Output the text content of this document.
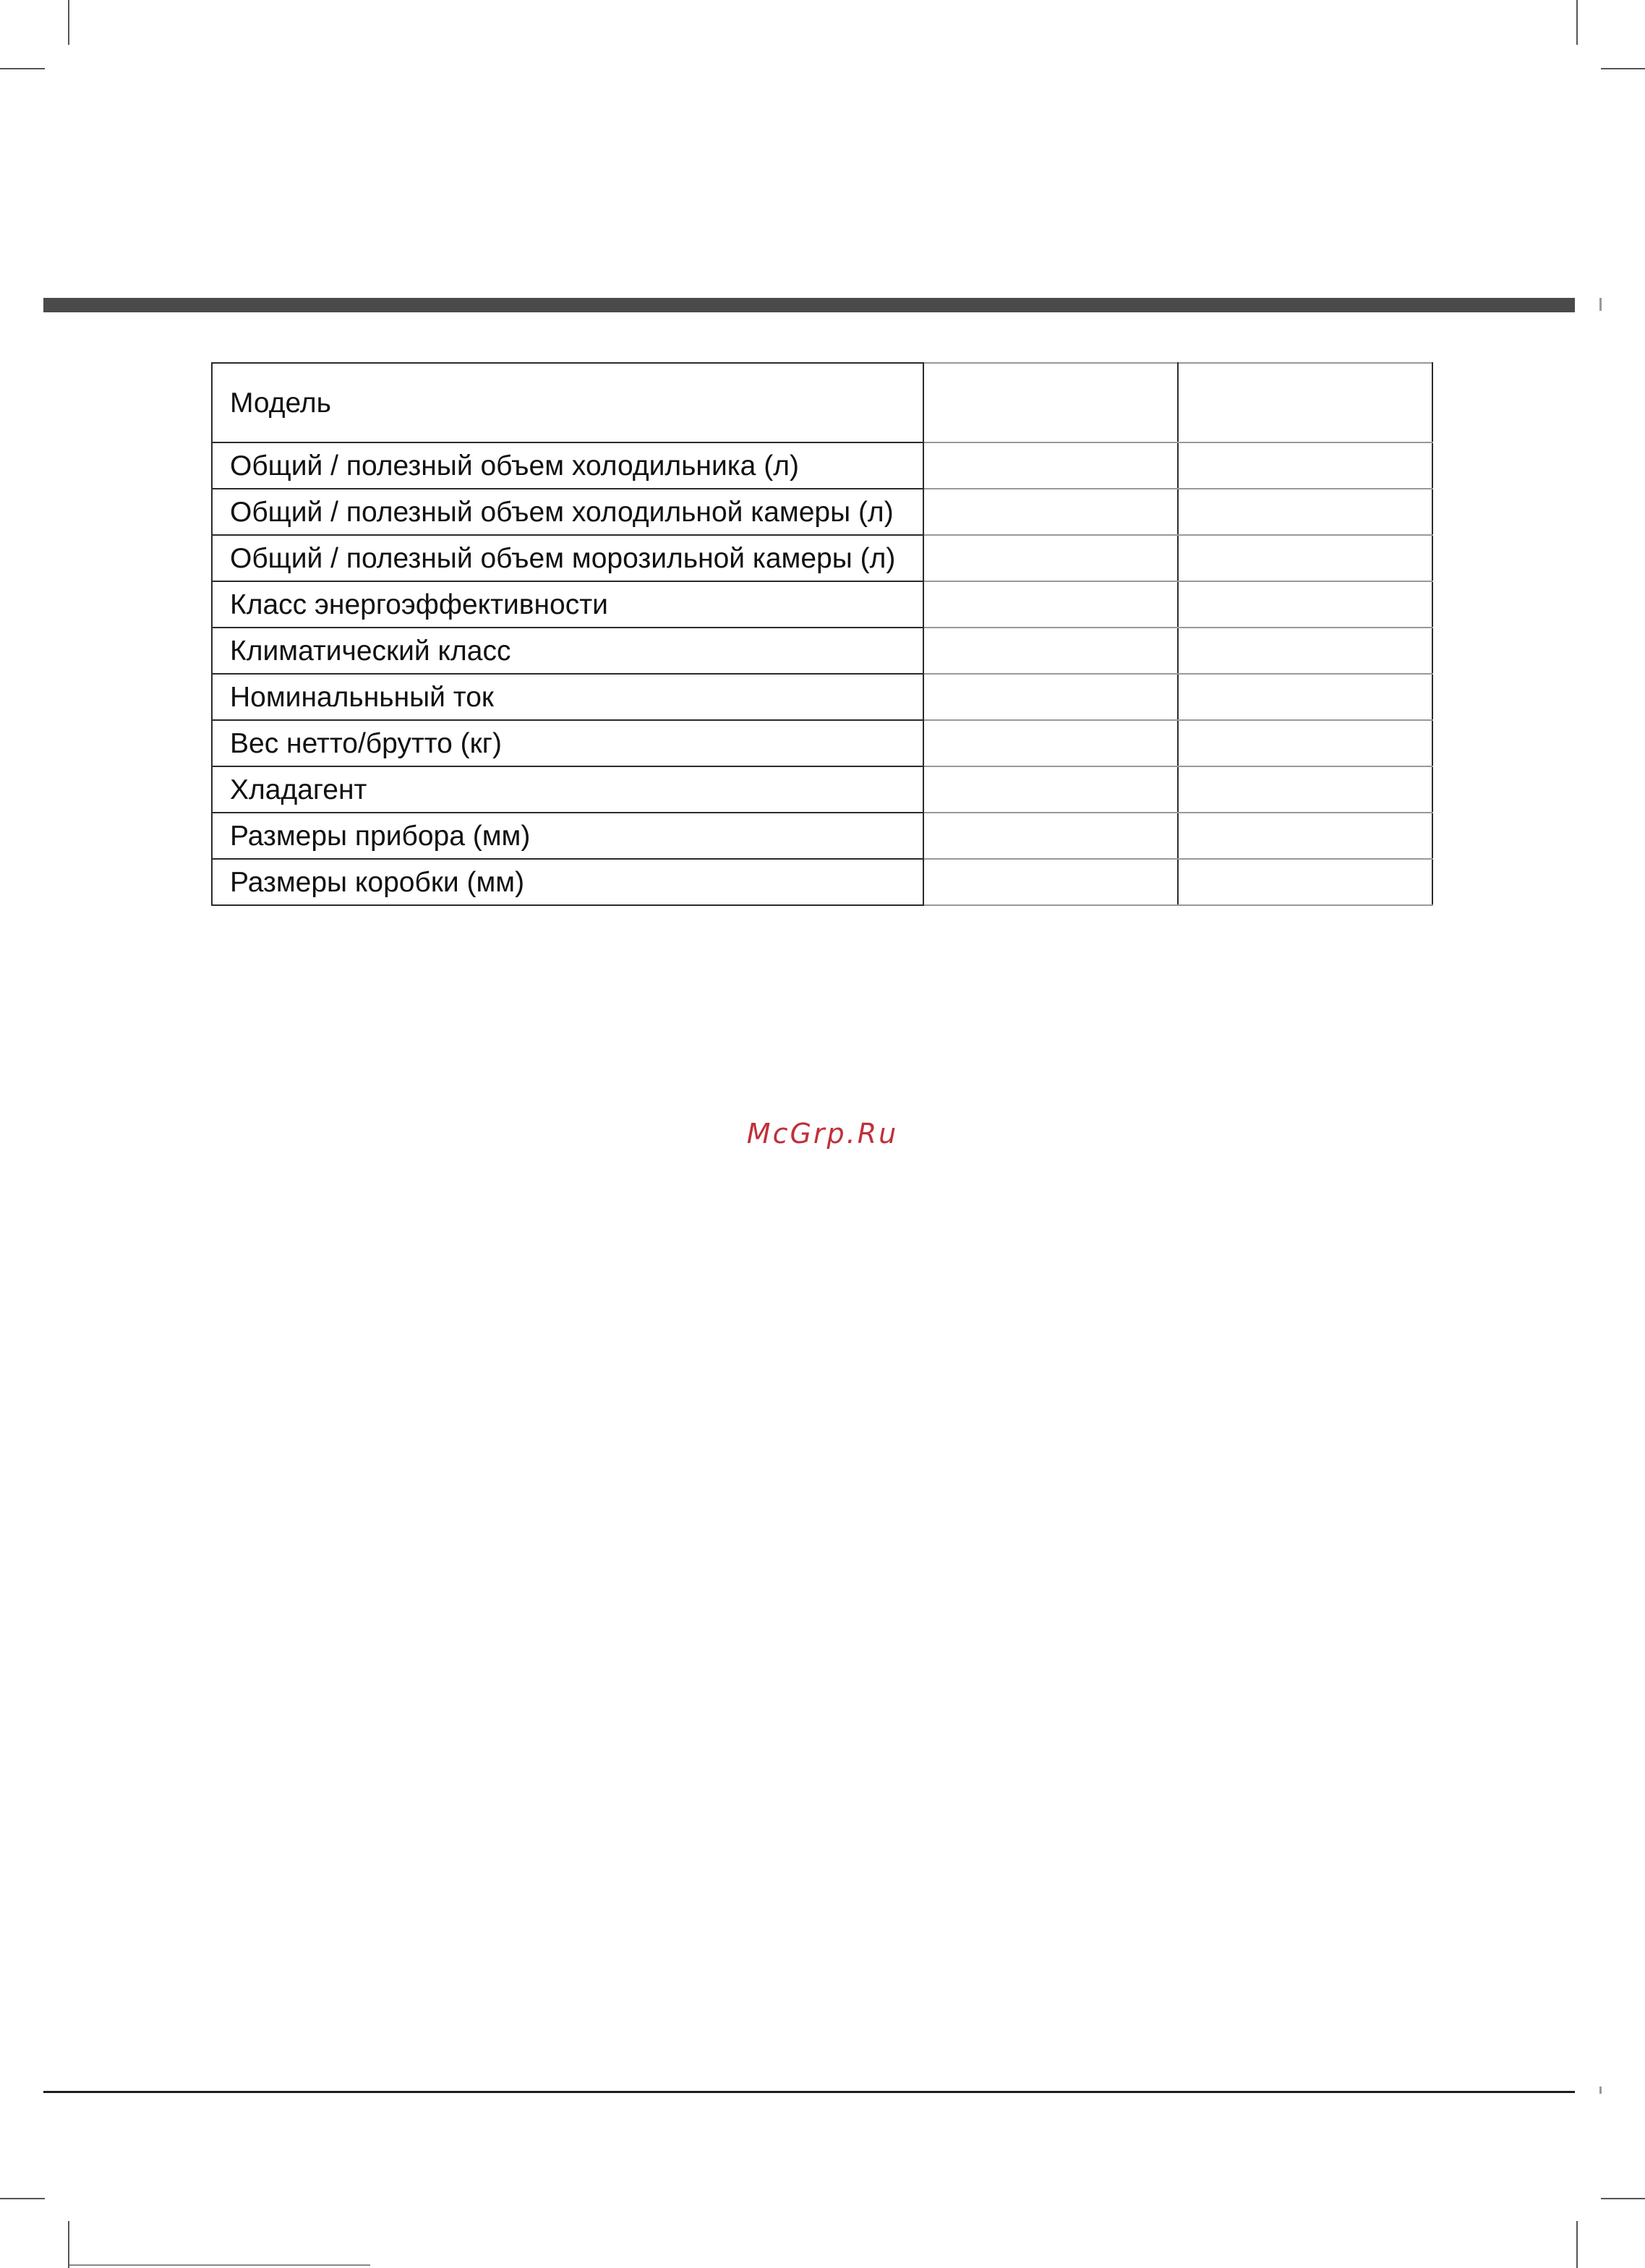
Модель		
Общий / полезный объем холодильника (л)		
Общий / полезный объем холодильной камеры (л)		
Общий / полезный объем морозильной камеры (л)		
Класс энергоэффективности		
Климатический класс		
Номинальньный ток		
Вес нетто/брутто (кг)		
Хладагент		
Размеры прибора (мм)		
Размеры коробки (мм)		
McGrp.Ru
